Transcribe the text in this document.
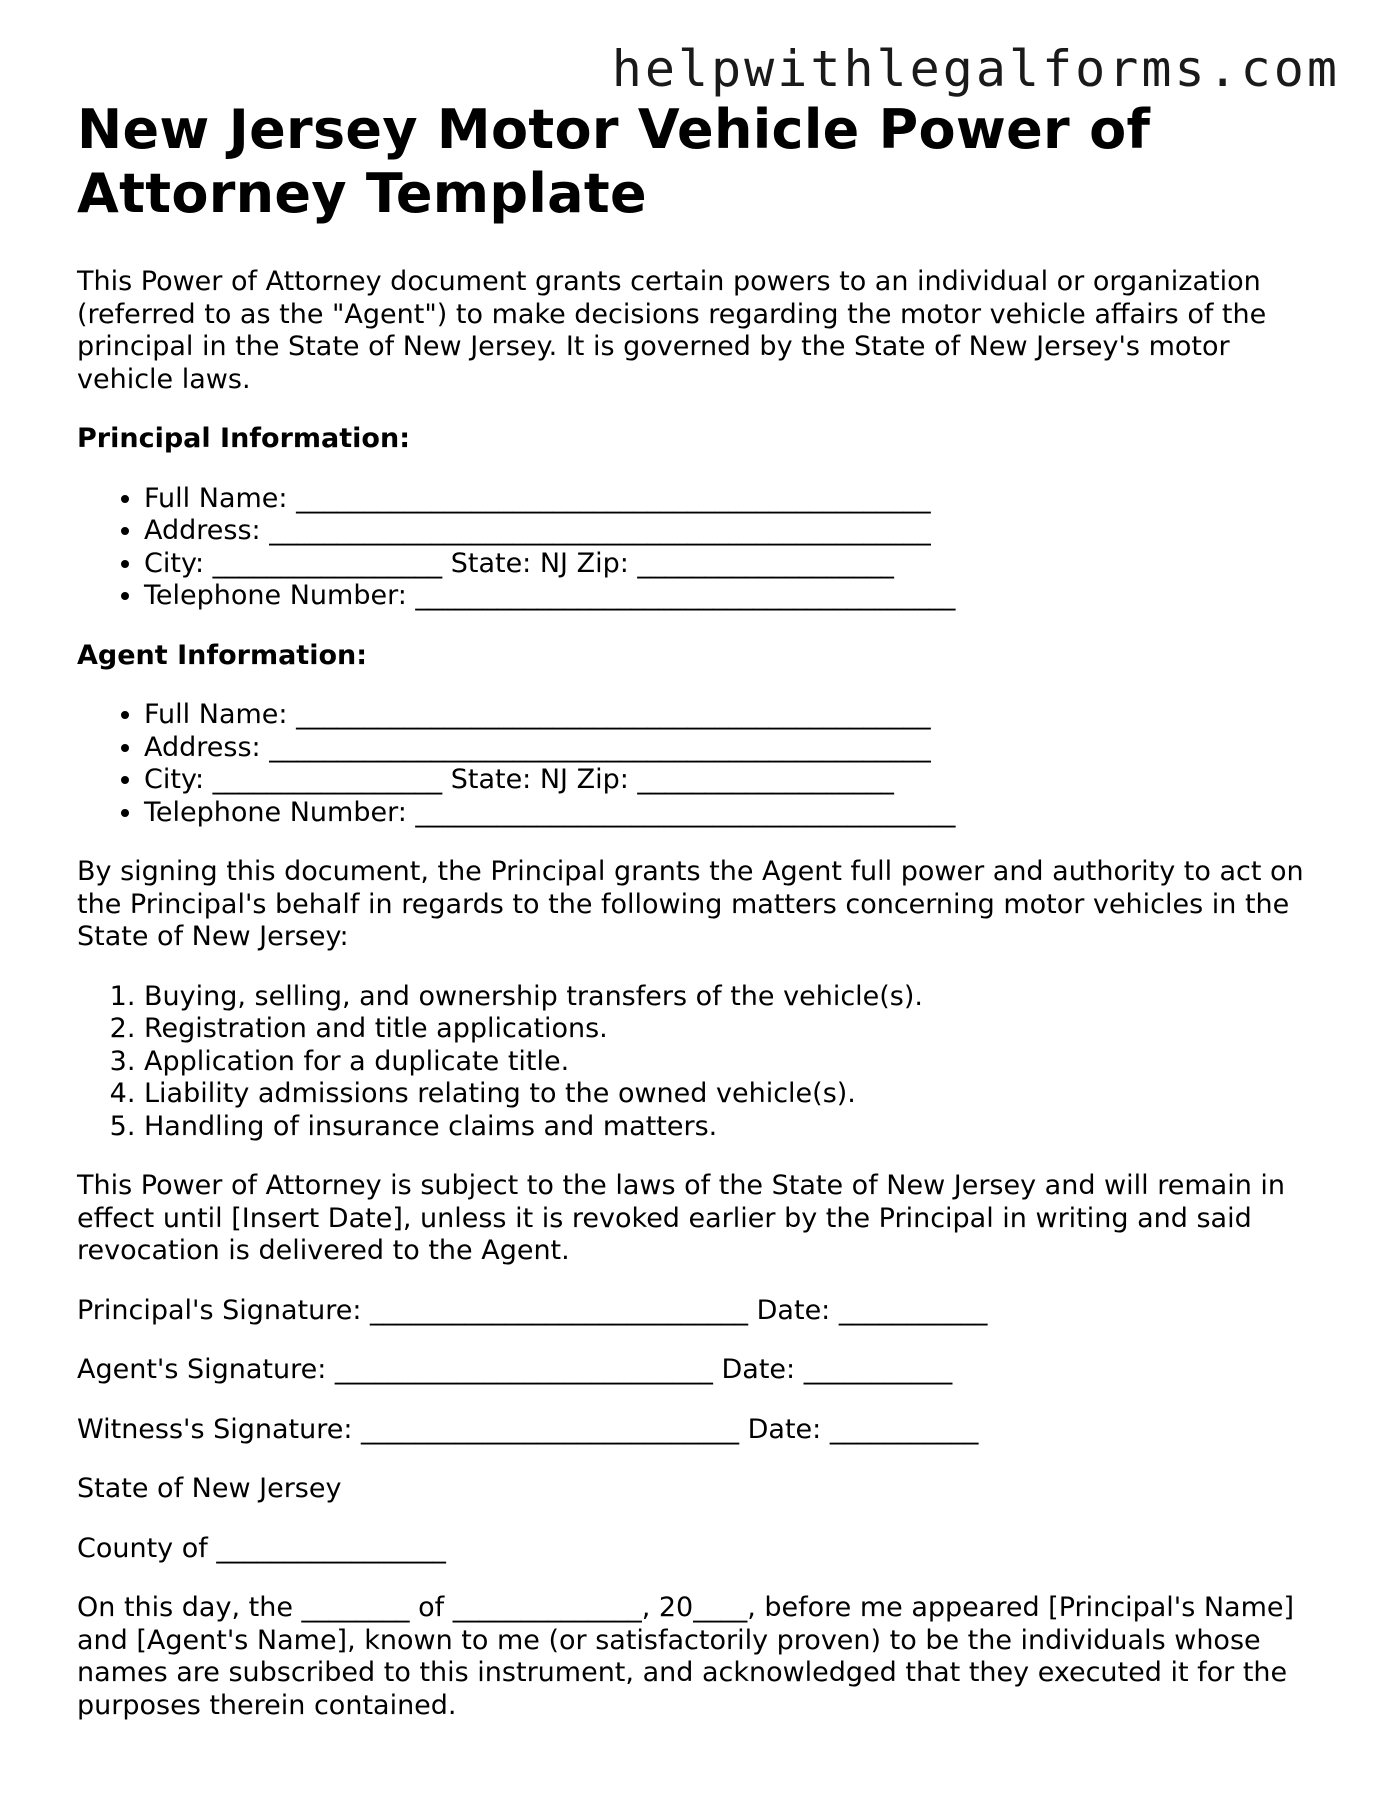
helpwithlegalforms.com
New Jersey Motor Vehicle Power of Attorney Template

This Power of Attorney document grants certain powers to an individual or organization (referred to as the "Agent") to make decisions regarding the motor vehicle affairs of the principal in the State of New Jersey. It is governed by the State of New Jersey's motor vehicle laws.

Principal Information:

• Full Name: _______________________________________________
• Address: _________________________________________________
• City: _________________ State: NJ Zip: ___________________
• Telephone Number: ________________________________________

Agent Information:

• Full Name: _______________________________________________
• Address: _________________________________________________
• City: _________________ State: NJ Zip: ___________________
• Telephone Number: ________________________________________

By signing this document, the Principal grants the Agent full power and authority to act on the Principal's behalf in regards to the following matters concerning motor vehicles in the State of New Jersey:

1. Buying, selling, and ownership transfers of the vehicle(s).
2. Registration and title applications.
3. Application for a duplicate title.
4. Liability admissions relating to the owned vehicle(s).
5. Handling of insurance claims and matters.

This Power of Attorney is subject to the laws of the State of New Jersey and will remain in effect until [Insert Date], unless it is revoked earlier by the Principal in writing and said revocation is delivered to the Agent.

Principal's Signature: ____________________________ Date: ___________

Agent's Signature: ____________________________ Date: ___________

Witness's Signature: ____________________________ Date: ___________

State of New Jersey

County of _________________

On this day, the ________ of ______________, 20____, before me appeared [Principal's Name] and [Agent's Name], known to me (or satisfactorily proven) to be the individuals whose names are subscribed to this instrument, and acknowledged that they executed it for the purposes therein contained.
